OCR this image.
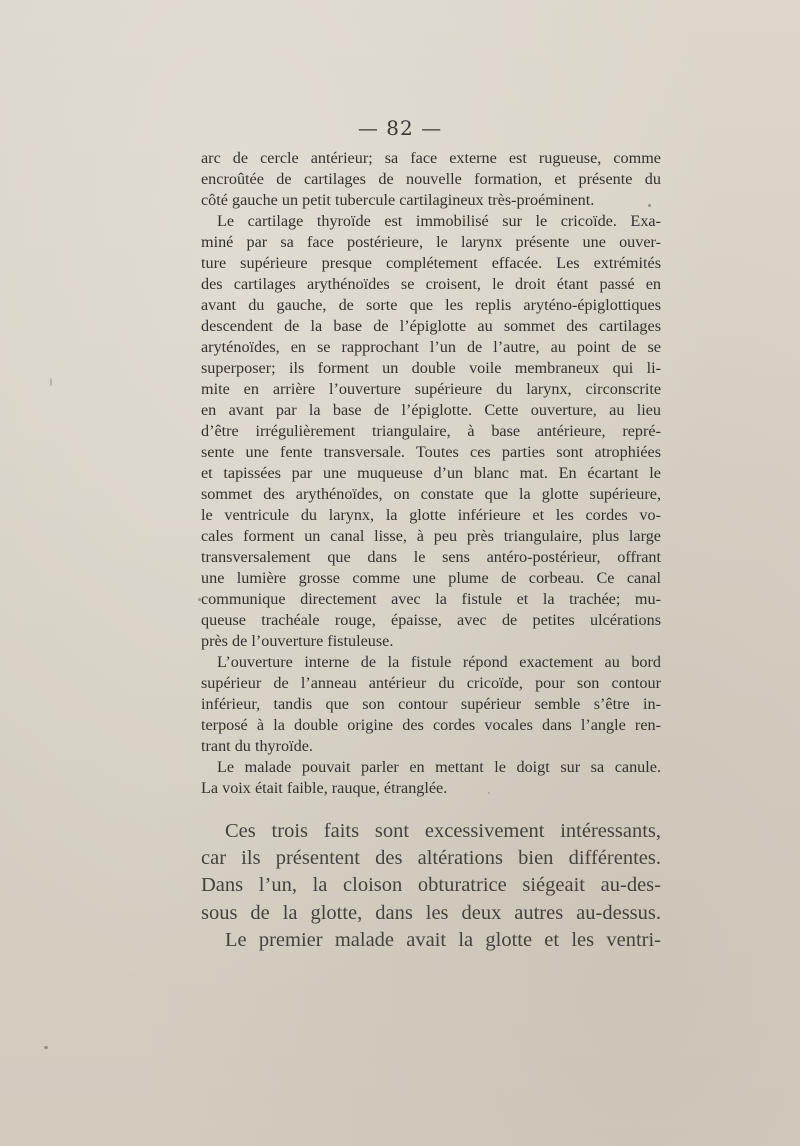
— 82 —

arc de cercle antérieur; sa face externe est rugueuse, comme
encroûtée de cartilages de nouvelle formation, et présente du
côté gauche un petit tubercule cartilagineux très-proéminent.

Le cartilage thyroïde est immobilisé sur le cricoïde. Exa-
miné par sa face postérieure, le larynx présente une ouver-
ture supérieure presque complétement effacée. Les extrémités
des cartilages arythénoïdes se croisent, le droit étant passé en
avant du gauche, de sorte que les replis aryténo-épiglottiques
descendent de la base de l’épiglotte au sommet des cartilages
aryténoïdes, en se rapprochant l’un de l’autre, au point de se
superposer; ils forment un double voile membraneux qui li-
mite en arrière l’ouverture supérieure du larynx, circonscrite
en avant par la base de l’épiglotte. Cette ouverture, au lieu
d’être irrégulièrement triangulaire, à base antérieure, repré-
sente une fente transversale. Toutes ces parties sont atrophiées
et tapissées par une muqueuse d’un blanc mat. En écartant le
sommet des arythénoïdes, on constate que la glotte supérieure,
le ventricule du larynx, la glotte inférieure et les cordes vo-
cales forment un canal lisse, à peu près triangulaire, plus large
transversalement que dans le sens antéro-postérieur, offrant
une lumière grosse comme une plume de corbeau. Ce canal
communique directement avec la fistule et la trachée; mu-
queuse trachéale rouge, épaisse, avec de petites ulcérations
près de l’ouverture fistuleuse.

L’ouverture interne de la fistule répond exactement au bord
supérieur de l’anneau antérieur du cricoïde, pour son contour
inférieur, tandis que son contour supérieur semble s’être in-
terposé à la double origine des cordes vocales dans l’angle ren-
trant du thyroïde.

Le malade pouvait parler en mettant le doigt sur sa canule.
La voix était faible, rauque, étranglée.

Ces trois faits sont excessivement intéressants,
car ils présentent des altérations bien différentes.
Dans l’un, la cloison obturatrice siégeait au-des-
sous de la glotte, dans les deux autres au-dessus.

Le premier malade avait la glotte et les ventri-
